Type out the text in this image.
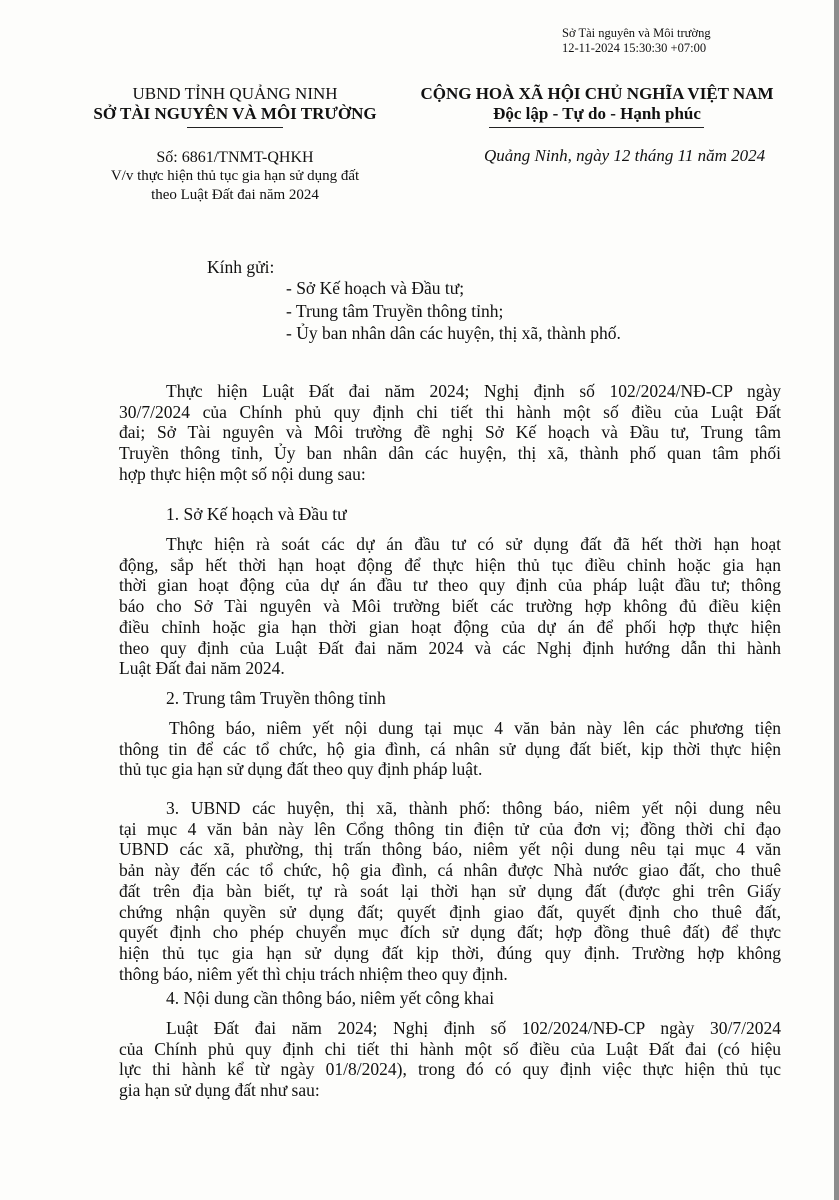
Sở Tài nguyên và Môi trường
12-11-2024 15:30:30 +07:00
UBND TỈNH QUẢNG NINH
SỞ TÀI NGUYÊN VÀ MÔI TRƯỜNG
Số: 6861/TNMT-QHKH
V/v thực hiện thủ tục gia hạn sử dụng đất
theo Luật Đất đai năm 2024
CỘNG HOÀ XÃ HỘI CHỦ NGHĨA VIỆT NAM
Độc lập - Tự do - Hạnh phúc
Quảng Ninh, ngày 12 tháng 11 năm 2024
Kính gửi:
- Sở Kế hoạch và Đầu tư;
- Trung tâm Truyền thông tỉnh;
- Ủy ban nhân dân các huyện, thị xã, thành phố.
Thực hiện Luật Đất đai năm 2024; Nghị định số 102/2024/NĐ-CP ngày
30/7/2024 của Chính phủ quy định chi tiết thi hành một số điều của Luật Đất
đai; Sở Tài nguyên và Môi trường đề nghị Sở Kế hoạch và Đầu tư, Trung tâm
Truyền thông tỉnh, Ủy ban nhân dân các huyện, thị xã, thành phố quan tâm phối
hợp thực hiện một số nội dung sau:
1. Sở Kế hoạch và Đầu tư
Thực hiện rà soát các dự án đầu tư có sử dụng đất đã hết thời hạn hoạt
động, sắp hết thời hạn hoạt động để thực hiện thủ tục điều chỉnh hoặc gia hạn
thời gian hoạt động của dự án đầu tư theo quy định của pháp luật đầu tư; thông
báo cho Sở Tài nguyên và Môi trường biết các trường hợp không đủ điều kiện
điều chỉnh hoặc gia hạn thời gian hoạt động của dự án để phối hợp thực hiện
theo quy định của Luật Đất đai năm 2024 và các Nghị định hướng dẫn thi hành
Luật Đất đai năm 2024.
2. Trung tâm Truyền thông tỉnh
Thông báo, niêm yết nội dung tại mục 4 văn bản này lên các phương tiện
thông tin để các tổ chức, hộ gia đình, cá nhân sử dụng đất biết, kịp thời thực hiện
thủ tục gia hạn sử dụng đất theo quy định pháp luật.
3. UBND các huyện, thị xã, thành phố: thông báo, niêm yết nội dung nêu
tại mục 4 văn bản này lên Cổng thông tin điện tử của đơn vị; đồng thời chỉ đạo
UBND các xã, phường, thị trấn thông báo, niêm yết nội dung nêu tại mục 4 văn
bản này đến các tổ chức, hộ gia đình, cá nhân được Nhà nước giao đất, cho thuê
đất trên địa bàn biết, tự rà soát lại thời hạn sử dụng đất (được ghi trên Giấy
chứng nhận quyền sử dụng đất; quyết định giao đất, quyết định cho thuê đất,
quyết định cho phép chuyển mục đích sử dụng đất; hợp đồng thuê đất) để thực
hiện thủ tục gia hạn sử dụng đất kịp thời, đúng quy định. Trường hợp không
thông báo, niêm yết thì chịu trách nhiệm theo quy định.
4. Nội dung cần thông báo, niêm yết công khai
Luật Đất đai năm 2024; Nghị định số 102/2024/NĐ-CP ngày 30/7/2024
của Chính phủ quy định chi tiết thi hành một số điều của Luật Đất đai (có hiệu
lực thi hành kể từ ngày 01/8/2024), trong đó có quy định việc thực hiện thủ tục
gia hạn sử dụng đất như sau:
